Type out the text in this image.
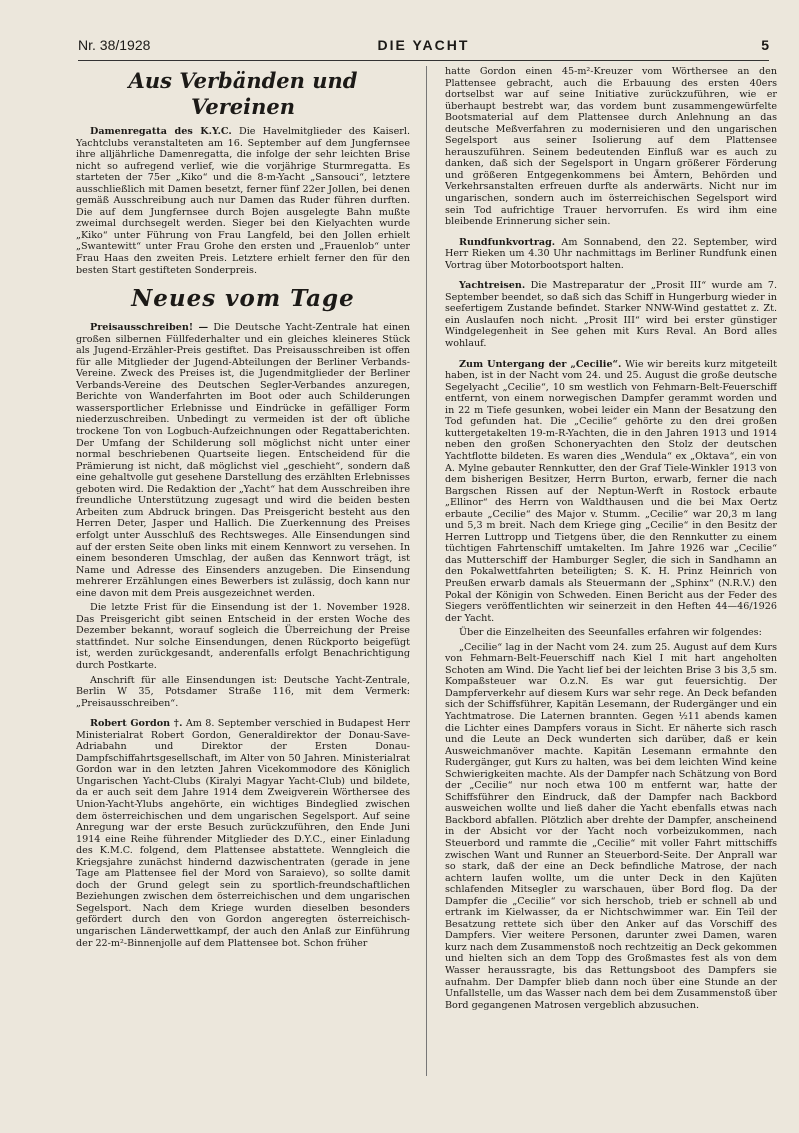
Nr. 38/1928	DIE YACHT	5
Aus Verbänden und Vereinen

Damenregatta des K.Y.C. Die Havelmitglieder des Kaiserl. Yachtclubs veranstalteten am 16. September auf dem Jungfernsee ihre alljährliche Damenregatta, die infolge der sehr leichten Brise nicht so aufregend verlief, wie die vorjährige Sturmregatta. Es starteten der 75er „Kiko“ und die 8-m-Yacht „Sansouci“, letztere ausschließlich mit Damen besetzt, ferner fünf 22er Jollen, bei denen gemäß Ausschreibung auch nur Damen das Ruder führen durften. Die auf dem Jungfernsee durch Bojen ausgelegte Bahn mußte zweimal durchsegelt werden. Sieger bei den Kielyachten wurde „Kiko“ unter Führung von Frau Langfeld, bei den Jollen erhielt „Swantewitt“ unter Frau Grohe den ersten und „Frauenlob“ unter Frau Haas den zweiten Preis. Letztere erhielt ferner den für den besten Start gestifteten Sonderpreis.

Neues vom Tage

Preisausschreiben! — Die Deutsche Yacht-Zentrale hat einen großen silbernen Füllfederhalter und ein gleiches kleineres Stück als Jugend-Erzähler-Preis gestiftet. Das Preisausschreiben ist offen für alle Mitglieder der Jugend-Abteilungen der Berliner Verbands-Vereine. Zweck des Preises ist, die Jugendmitglieder der Berliner Verbands-Vereine des Deutschen Segler-Verbandes anzuregen, Berichte von Wanderfahrten im Boot oder auch Schilderungen wassersportlicher Erlebnisse und Eindrücke in gefälliger Form niederzuschreiben. Unbedingt zu vermeiden ist der oft übliche trockene Ton von Logbuch-Aufzeichnungen oder Regattaberichten. Der Umfang der Schilderung soll möglichst nicht unter einer normal beschriebenen Quartseite liegen. Entscheidend für die Prämierung ist nicht, daß möglichst viel „geschieht“, sondern daß eine gehaltvolle gut gesehene Darstellung des erzählten Erlebnisses geboten wird. Die Redaktion der „Yacht“ hat dem Ausschreiben ihre freundliche Unterstützung zugesagt und wird die beiden besten Arbeiten zum Abdruck bringen. Das Preisgericht besteht aus den Herren Deter, Jasper und Hallich. Die Zuerkennung des Preises erfolgt unter Ausschluß des Rechtsweges. Alle Einsendungen sind auf der ersten Seite oben links mit einem Kennwort zu versehen. In einem besonderen Umschlag, der außen das Kennwort trägt, ist Name und Adresse des Einsenders anzugeben. Die Einsendung mehrerer Erzählungen eines Bewerbers ist zulässig, doch kann nur eine davon mit dem Preis ausgezeichnet werden.

Die letzte Frist für die Einsendung ist der 1. November 1928. Das Preisgericht gibt seinen Entscheid in der ersten Woche des Dezember bekannt, worauf sogleich die Überreichung der Preise stattfindet. Nur solche Einsendungen, denen Rückporto beigefügt ist, werden zurückgesandt, anderenfalls erfolgt Benachrichtigung durch Postkarte.

Anschrift für alle Einsendungen ist: Deutsche Yacht-Zentrale, Berlin W 35, Potsdamer Straße 116, mit dem Vermerk: „Preisausschreiben“.

Robert Gordon †. Am 8. September verschied in Budapest Herr Ministerialrat Robert Gordon, Generaldirektor der Donau-Save-Adriabahn und Direktor der Ersten Donau-Dampfschiffahrtsgesellschaft, im Alter von 50 Jahren. Ministerialrat Gordon war in den letzten Jahren Vicekommodore des Königlich Ungarischen Yacht-Clubs (Kiralyi Magyar Yacht-Club) und bildete, da er auch seit dem Jahre 1914 dem Zweigverein Wörthersee des Union-Yacht-Ylubs angehörte, ein wichtiges Bindeglied zwischen dem österreichischen und dem ungarischen Segelsport. Auf seine Anregung war der erste Besuch zurückzuführen, den Ende Juni 1914 eine Reihe führender Mitglieder des D.Y.C., einer Einladung des K.M.C. folgend, dem Plattensee abstattete. Wenngleich die Kriegsjahre zunächst hindernd dazwischentraten (gerade in jene Tage am Plattensee fiel der Mord von Saraievo), so sollte damit doch der Grund gelegt sein zu sportlich-freundschaftlichen Beziehungen zwischen dem österreichischen und dem ungarischen Segelsport. Nach dem Kriege wurden dieselben besonders gefördert durch den von Gordon angeregten österreichisch-ungarischen Länderwettkampf, der auch den Anlaß zur Einführung der 22-m²-Binnenjolle auf dem Plattensee bot. Schon früher

hatte Gordon einen 45-m²-Kreuzer vom Wörthersee an den Plattensee gebracht, auch die Erbauung des ersten 40ers dortselbst war auf seine Initiative zurückzuführen, wie er überhaupt bestrebt war, das vordem bunt zusammengewürfelte Bootsmaterial auf dem Plattensee durch Anlehnung an das deutsche Meßverfahren zu modernisieren und den ungarischen Segelsport aus seiner Isolierung auf dem Plattensee herauszuführen. Seinem bedeutenden Einfluß war es auch zu danken, daß sich der Segelsport in Ungarn größerer Förderung und größeren Entgegenkommens bei Ämtern, Behörden und Verkehrsanstalten erfreuen durfte als anderwärts. Nicht nur im ungarischen, sondern auch im österreichischen Segelsport wird sein Tod aufrichtige Trauer hervorrufen. Es wird ihm eine bleibende Erinnerung sicher sein.

Rundfunkvortrag. Am Sonnabend, den 22. September, wird Herr Rieken um 4.30 Uhr nachmittags im Berliner Rundfunk einen Vortrag über Motorbootsport halten.

Yachtreisen. Die Mastreparatur der „Prosit III“ wurde am 7. September beendet, so daß sich das Schiff in Hungerburg wieder in seefertigem Zustande befindet. Starker NNW-Wind gestattet z. Zt. ein Auslaufen noch nicht. „Prosit III“ wird bei erster günstiger Windgelegenheit in See gehen mit Kurs Reval. An Bord alles wohlauf.

Zum Untergang der „Cecilie“. Wie wir bereits kurz mitgeteilt haben, ist in der Nacht vom 24. und 25. August die große deutsche Segelyacht „Cecilie“, 10 sm westlich von Fehmarn-Belt-Feuerschiff entfernt, von einem norwegischen Dampfer gerammt worden und in 22 m Tiefe gesunken, wobei leider ein Mann der Besatzung den Tod gefunden hat. Die „Cecilie“ gehörte zu den drei großen kuttergetakelten 19-m-R-Yachten, die in den Jahren 1913 und 1914 neben den großen Schoneryachten den Stolz der deutschen Yachtflotte bildeten. Es waren dies „Wendula“ ex „Oktava“, ein von A. Mylne gebauter Rennkutter, den der Graf Tiele-Winkler 1913 von dem bisherigen Besitzer, Herrn Burton, erwarb, ferner die nach Bargschen Rissen auf der Neptun-Werft in Rostock erbaute „Ellinor“ des Herrn von Waldthausen und die bei Max Oertz erbaute „Cecilie“ des Major v. Stumm. „Cecilie“ war 20,3 m lang und 5,3 m breit. Nach dem Kriege ging „Cecilie“ in den Besitz der Herren Luttropp und Tietgens über, die den Rennkutter zu einem tüchtigen Fahrtenschiff umtakelten. Im Jahre 1926 war „Cecilie“ das Mutterschiff der Hamburger Segler, die sich in Sandhamn an den Pokalwettfahrten beteiligten; S. K. H. Prinz Heinrich von Preußen erwarb damals als Steuermann der „Sphinx“ (N.R.V.) den Pokal der Königin von Schweden. Einen Bericht aus der Feder des Siegers veröffentlichten wir seinerzeit in den Heften 44—46/1926 der Yacht.

Über die Einzelheiten des Seeunfalles erfahren wir folgendes:

„Cecilie“ lag in der Nacht vom 24. zum 25. August auf dem Kurs von Fehmarn-Belt-Feuerschiff nach Kiel I mit hart angeholten Schoten am Wind. Die Yacht lief bei der leichten Brise 3 bis 3,5 sm. Kompaßsteuer war O.z.N. Es war gut feuersichtig. Der Dampferverkehr auf diesem Kurs war sehr rege. An Deck befanden sich der Schiffsführer, Kapitän Lesemann, der Rudergänger und ein Yachtmatrose. Die Laternen brannten. Gegen ½11 abends kamen die Lichter eines Dampfers voraus in Sicht. Er näherte sich rasch und die Leute an Deck wunderten sich darüber, daß er kein Ausweichmanöver machte. Kapitän Lesemann ermahnte den Rudergänger, gut Kurs zu halten, was bei dem leichten Wind keine Schwierigkeiten machte. Als der Dampfer nach Schätzung von Bord der „Cecilie“ nur noch etwa 100 m entfernt war, hatte der Schiffsführer den Eindruck, daß der Dampfer nach Backbord ausweichen wollte und ließ daher die Yacht ebenfalls etwas nach Backbord abfallen. Plötzlich aber drehte der Dampfer, anscheinend in der Absicht vor der Yacht noch vorbeizukommen, nach Steuerbord und rammte die „Cecilie“ mit voller Fahrt mittschiffs zwischen Want und Runner an Steuerbord-Seite. Der Anprall war so stark, daß der eine an Deck befindliche Matrose, der nach achtern laufen wollte, um die unter Deck in den Kajüten schlafenden Mitsegler zu warschauen, über Bord flog. Da der Dampfer die „Cecilie“ vor sich herschob, trieb er schnell ab und ertrank im Kielwasser, da er Nichtschwimmer war. Ein Teil der Besatzung rettete sich über den Anker auf das Vorschiff des Dampfers. Vier weitere Personen, darunter zwei Damen, waren kurz nach dem Zusammenstoß noch rechtzeitig an Deck gekommen und hielten sich an dem Topp des Großmastes fest als von dem Wasser heraussragte, bis das Rettungsboot des Dampfers sie aufnahm. Der Dampfer blieb dann noch über eine Stunde an der Unfallstelle, um das Wasser nach dem bei dem Zusammenstoß über Bord gegangenen Matrosen vergeblich abzusuchen.
